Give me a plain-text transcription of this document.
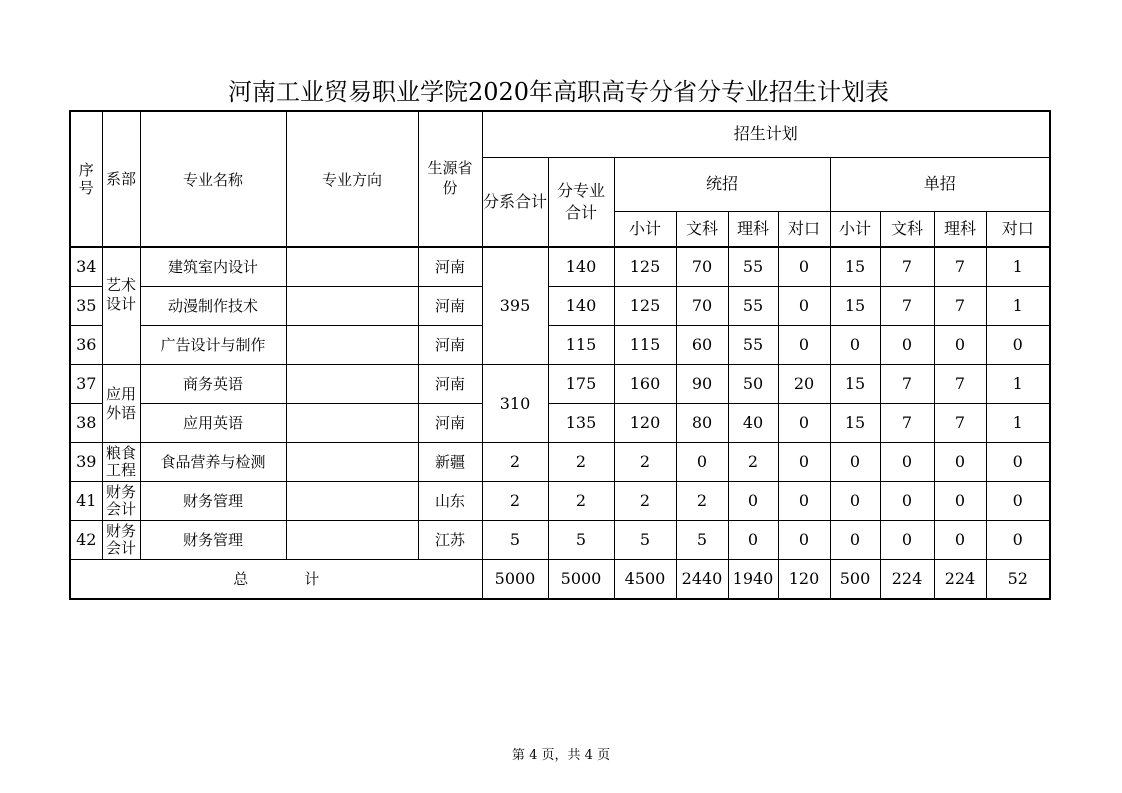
河南工业贸易职业学院2020年高职高专分省分专业招生计划表
序号	系部	专业名称	专业方向	生源省份	招生计划									

					分系合计	分专业合计	统招				单招			
							小计	文科	理科	对口	小计	文科	理科	对口
34	艺术设计	建筑室内设计		河南	395	140	125	70	55	0	15	7	7	1
35		动漫制作技术		河南		140	125	70	55	0	15	7	7	1
36		广告设计与制作		河南		115	115	60	55	0	0	0	0	0
37	应用外语	商务英语		河南	310	175	160	90	50	20	15	7	7	1
38		应用英语		河南		135	120	80	40	0	15	7	7	1
39	粮食工程	食品营养与检测		新疆	2	2	2	0	2	0	0	0	0	0
41	财务会计	财务管理		山东	2	2	2	2	0	0	0	0	0	0
42	财务会计	财务管理		江苏	5	5	5	5	0	0	0	0	0	0
总 计					5000	5000	4500	2440	1940	120	500	224	224	52
第 4 页，共 4 页
